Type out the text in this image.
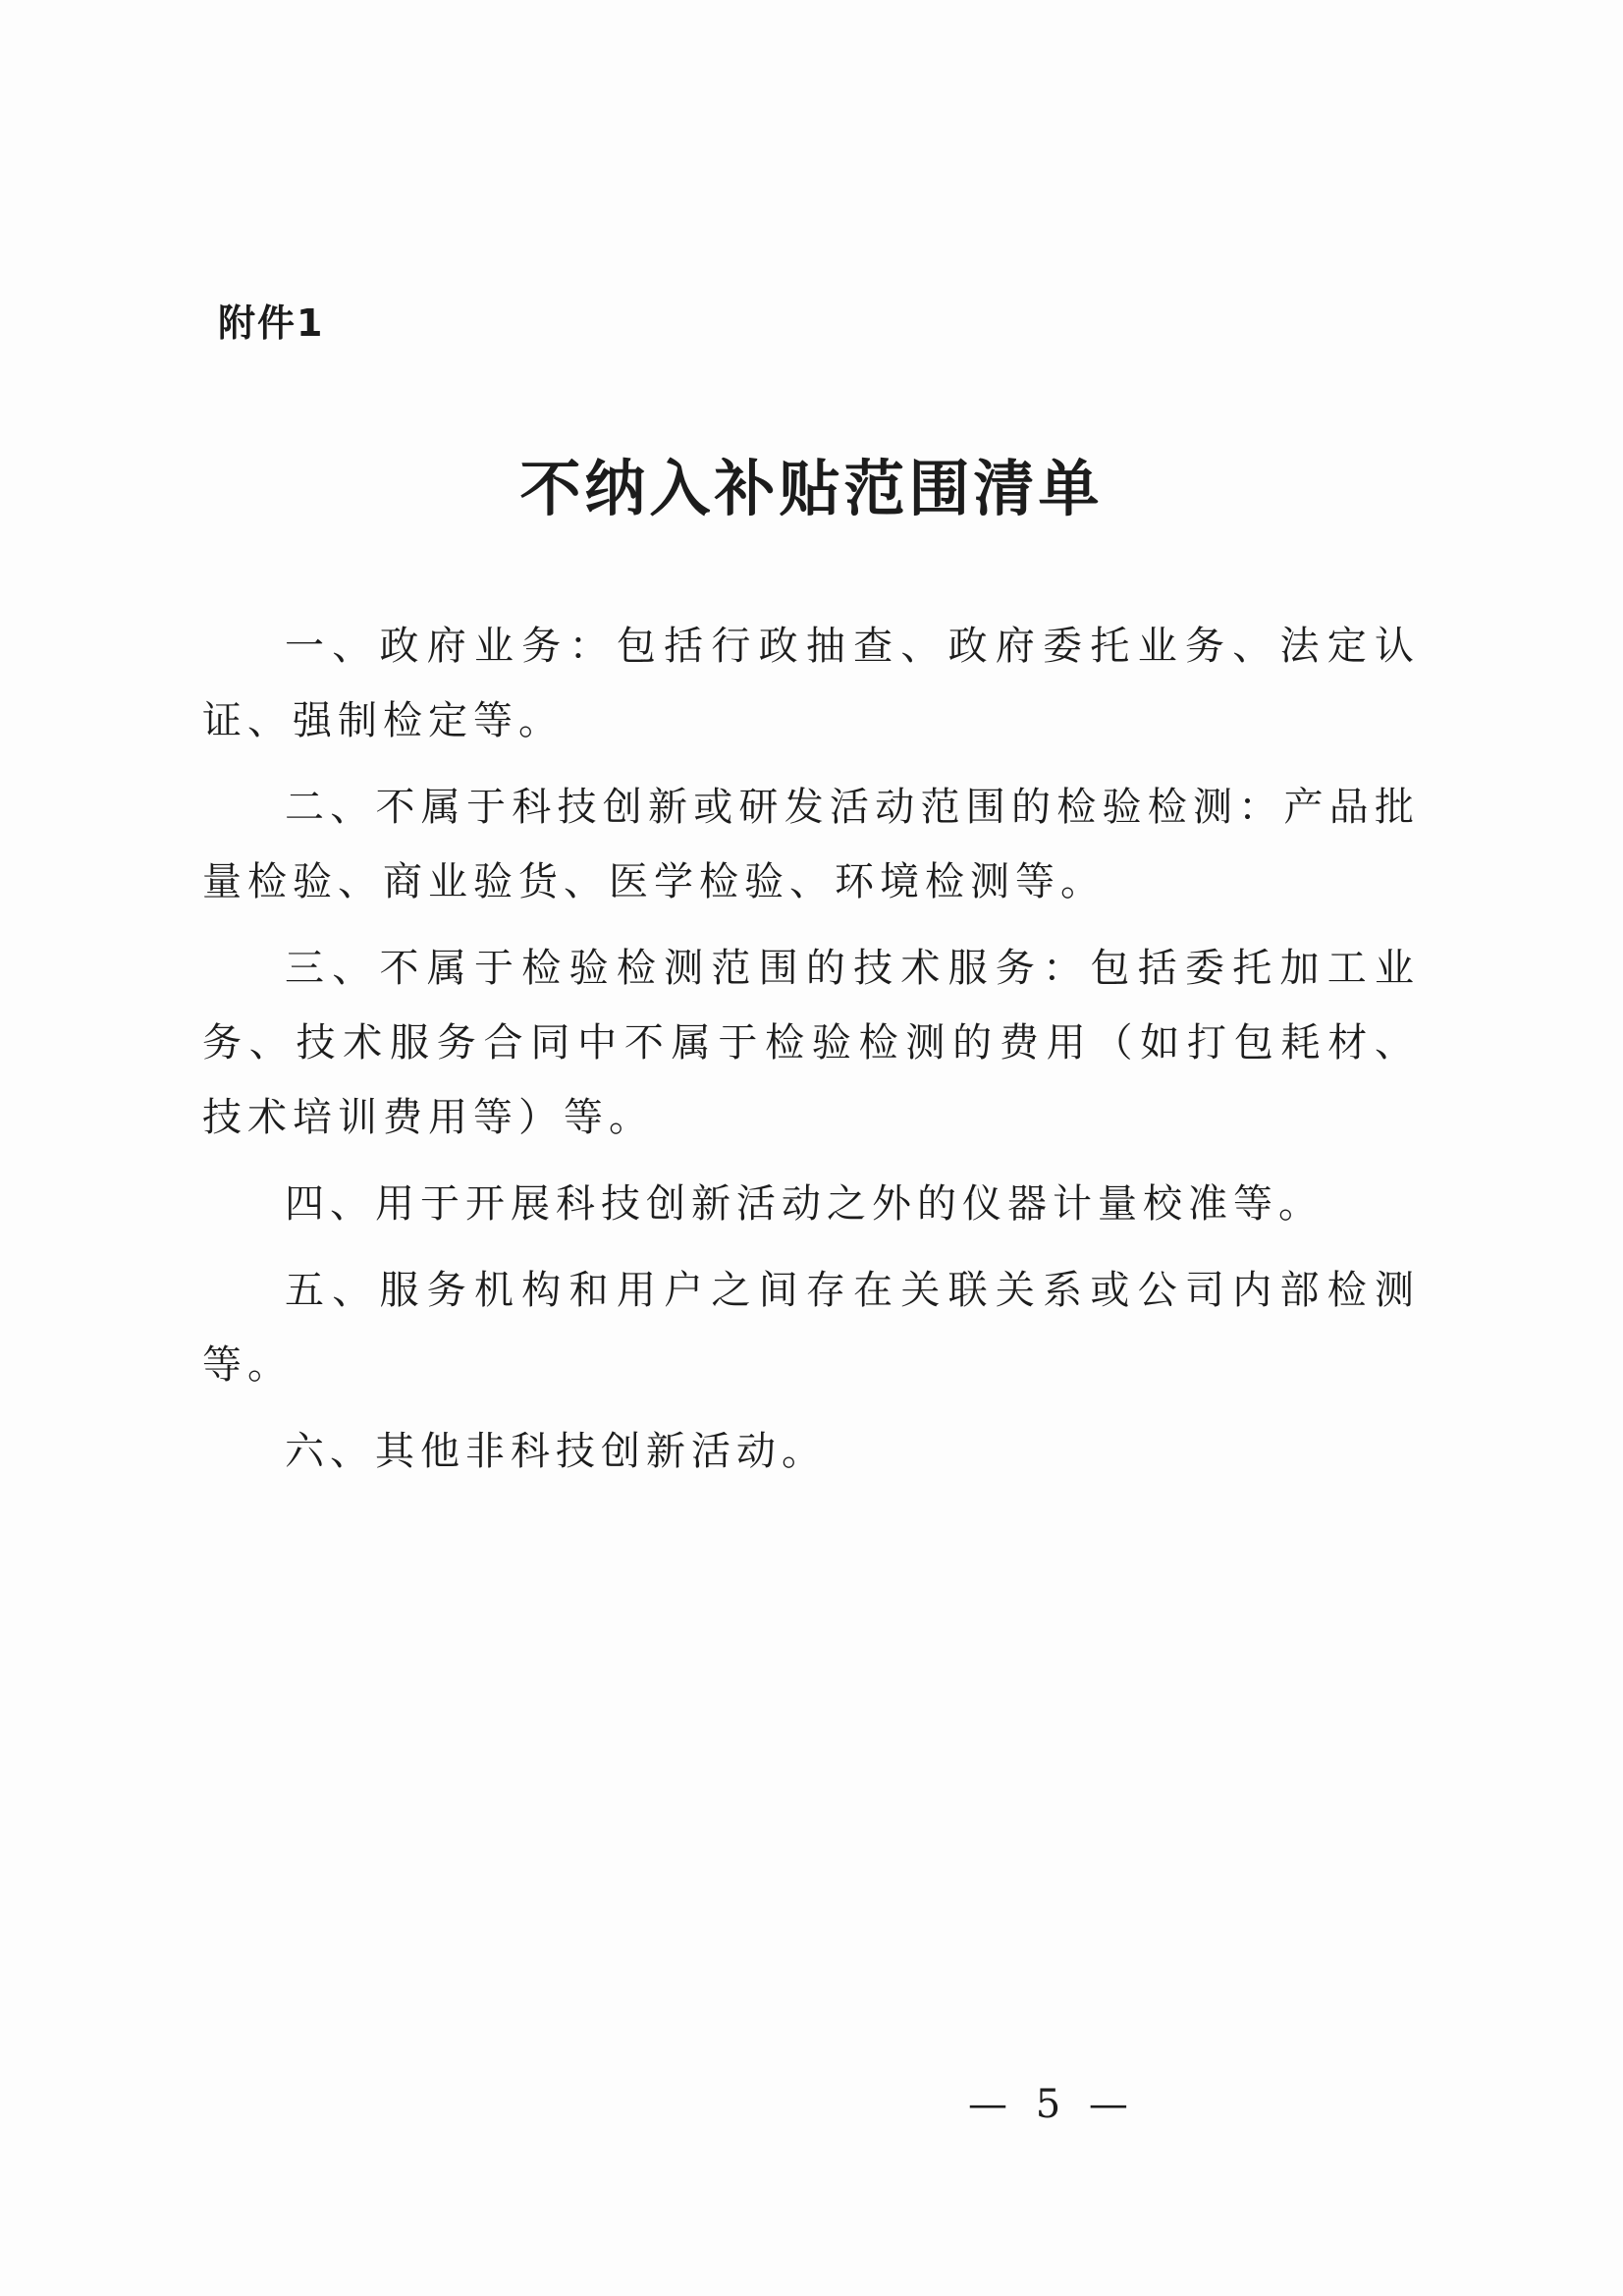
附件1
不纳入补贴范围清单

一、政府业务：包括行政抽查、政府委托业务、法定认证、强制检定等。

二、不属于科技创新或研发活动范围的检验检测：产品批量检验、商业验货、医学检验、环境检测等。

三、不属于检验检测范围的技术服务：包括委托加工业务、技术服务合同中不属于检验检测的费用（如打包耗材、技术培训费用等）等。

四、用于开展科技创新活动之外的仪器计量校准等。

五、服务机构和用户之间存在关联关系或公司内部检测等。

六、其他非科技创新活动。

— 5 —
